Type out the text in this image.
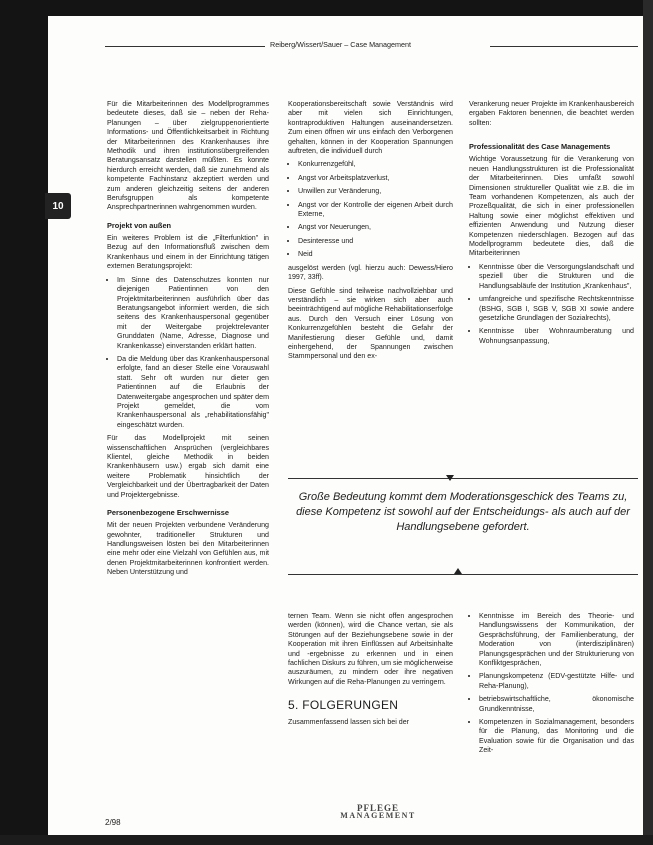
Reiberg/Wissert/Sauer – Case Management
10

Für die Mitarbeiterinnen des Modellprogrammes bedeutete dieses, daß sie – neben der Reha-Planungen – über zielgruppenorientierte Informations- und Öffentlichkeitsarbeit in Richtung der Mitarbeiterinnen des Krankenhauses ihre Methodik und ihren institutionsübergreifenden Beratungsansatz darstellen müßten. Es konnte hierdurch erreicht werden, daß sie zunehmend als kompetente Fachinstanz akzeptiert werden und zum anderen gleichzeitig seitens der anderen Berufsgruppen als kompetente Ansprechpartnerinnen wahrgenommen wurden.

Projekt von außen

Ein weiteres Problem ist die „Filterfunktion" in Bezug auf den Informationsfluß zwischen dem Krankenhaus und einem in der Einrichtung tätigen externen Beratungsprojekt:

• Im Sinne des Datenschutzes konnten nur diejenigen Patientinnen von den Projektmitarbeiterinnen ausführlich über das Beratungsangebot informiert werden, die sich seitens des Krankenhauspersonal gegenüber mit der Weitergabe projektrelevanter Grunddaten (Name, Adresse, Diagnose und Krankenkasse) einverstanden erklärt hatten.
• Da die Meldung über das Krankenhauspersonal erfolgte, fand an dieser Stelle eine Vorauswahl statt. Sehr oft wurden nur dieter gen Patientinnen auf die Erlaubnis der Datenweitergabe angesprochen und später dem Projekt gemeldet, die vom Krankenhauspersonal als „rehabilitationsfähig" eingeschätzt wurden.

Für das Modellprojekt mit seinen wissenschaftlichen Ansprüchen (vergleichbares Klientel, gleiche Methodik in beiden Krankenhäusern usw.) ergab sich damit eine weitere Problematik hinsichtlich der Vergleichbarkeit und der Übertragbarkeit der Daten und Projektergebnisse.

Personenbezogene Erschwernisse

Mit der neuen Projekten verbundene Veränderung gewohnter, traditioneller Strukturen und Handlungsweisen lösten bei den Mitarbeiterinnen eine mehr oder eine Vielzahl von Gefühlen aus, mit denen Projektmitarbeiterinnen konfrontiert werden. Neben Unterstützung und

Kooperationsbereitschaft sowie Verständnis wird aber mit vielen sich Einrichtungen, kontraproduktiven Haltungen auseinandersetzen. Zum einen öffnen wir uns einfach den Verborgenen gehalten, können in der Kooperation Spannungen auftreten, die individuell durch

• Konkurrenzgefühl,
• Angst vor Arbeitsplatzverlust,
• Unwillen zur Veränderung,
• Angst vor der Kontrolle der eigenen Arbeit durch Externe,
• Angst vor Neuerungen,
• Desinteresse und
• Neid

ausgelöst werden (vgl. hierzu auch: Dewess/Hiero 1997, 33ff).

Diese Gefühle sind teilweise nachvollziehbar und verständlich – sie wirken sich aber auch beeinträchtigend auf mögliche Rehabilitationserfolge aus. Durch den Versuch einer Lösung von Konkurrenzgefühlen besteht die Gefahr der Manifestierung dieser Gefühle und, damit einhergehend, der Spannungen zwischen Stammpersonal und den ex-

Verankerung neuer Projekte im Krankenhausbereich ergaben Faktoren benennen, die beachtet werden sollten:

Professionalität des Case Managements

Wichtige Voraussetzung für die Verankerung von neuen Handlungsstrukturen ist die Professionalität der Mitarbeiterinnen. Dies umfaßt sowohl Dimensionen struktureller Qualität wie z.B. die im Team vorhandenen Kompetenzen, als auch der Prozeßqualität, die sich in einer professionellen Haltung sowie einer möglichst effektiven und effizienten Anwendung und Nutzung dieser Kompetenzen niederschlagen. Bezogen auf das Modellprogramm bedeutete dies, daß die Mitarbeiterinnen

• Kenntnisse über die Versorgungslandschaft und speziell über die Strukturen und die Handlungsabläufe der Institution „Krankenhaus",
• umfangreiche und spezifische Rechtskenntnisse (BSHG, SGB I, SGB V, SGB XI sowie andere gesetzliche Grundlagen der Sozialrechts),
• Kenntnisse über Wohnraumberatung und Wohnungsanpassung,
Große Bedeutung kommt dem Moderationsgeschick des Teams zu, diese Kompetenz ist sowohl auf der Entscheidungs- als auch auf der Handlungsebene gefordert.

ternen Team. Wenn sie nicht offen angesprochen werden (können), wird die Chance vertan, sie als Störungen auf der Beziehungsebene sowie in der Kooperation mit ihren Einflüssen auf Arbeitsinhalte und -ergebnisse zu erkennen und in einen fachlichen Diskurs zu führen, um sie möglicherweise auszuräumen, zu mindern oder ihre negativen Wirkungen auf die Reha-Planungen zu verringern.

5. FOLGERUNGEN

Zusammenfassend lassen sich bei der

• Kenntnisse im Bereich des Theorie- und Handlungswissens der Kommunikation, der Gesprächsführung, der Familienberatung, der Moderation von (interdisziplinären) Planungsgesprächen und der Strukturierung von Konfliktgesprächen,
• Planungskompetenz (EDV-gestützte Hilfe- und Reha-Planung),
• betriebswirtschaftliche, ökonomische Grundkenntnisse,
• Kompetenzen in Sozialmanagement, besonders für die Planung, das Monitoring und die Evaluation sowie für die Organisation und das Zeit-
2/98
PFLEGE
MANAGEMENT
